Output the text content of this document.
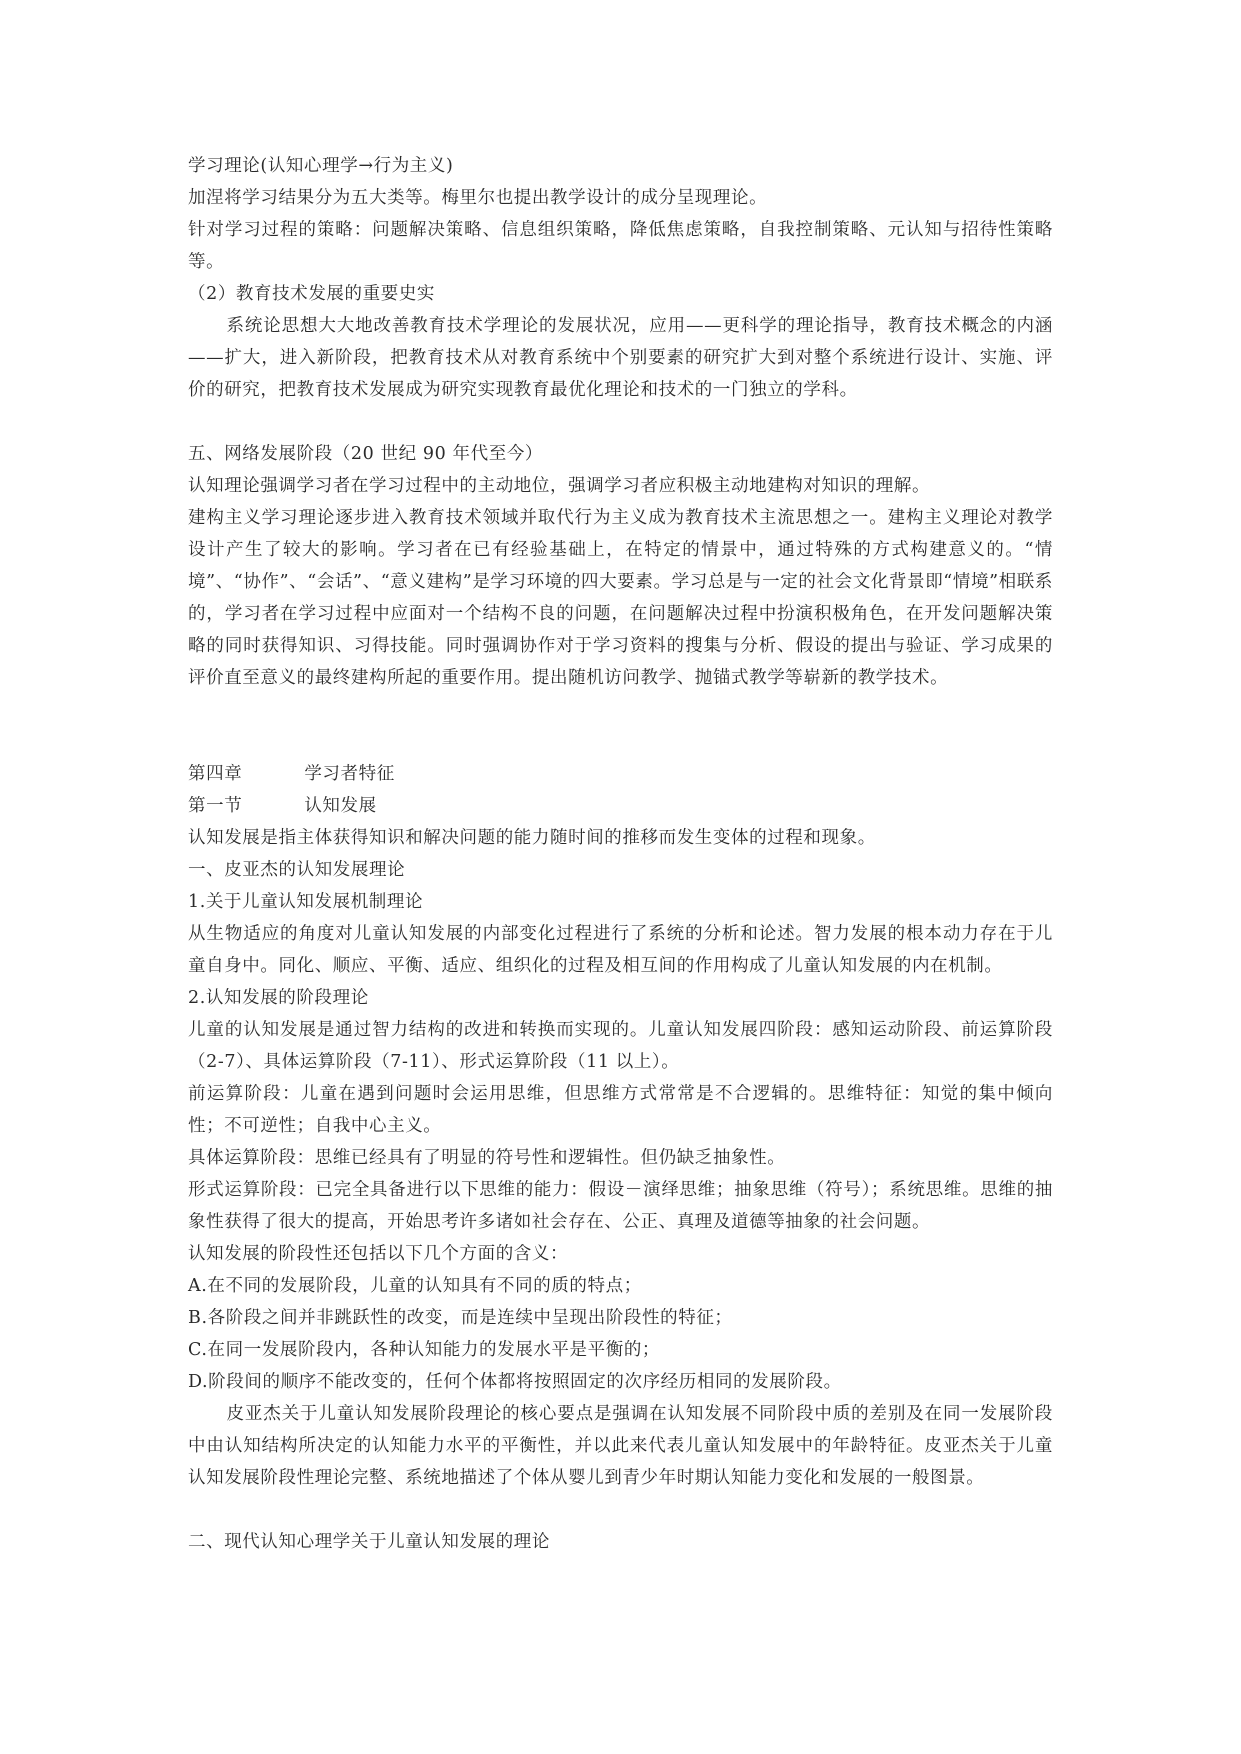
学习理论(认知心理学→行为主义)

加涅将学习结果分为五大类等。梅里尔也提出教学设计的成分呈现理论。

针对学习过程的策略：问题解决策略、信息组织策略，降低焦虑策略，自我控制策略、元认知与招待性策略等。

（2）教育技术发展的重要史实

系统论思想大大地改善教育技术学理论的发展状况，应用——更科学的理论指导，教育技术概念的内涵——扩大，进入新阶段，把教育技术从对教育系统中个别要素的研究扩大到对整个系统进行设计、实施、评价的研究，把教育技术发展成为研究实现教育最优化理论和技术的一门独立的学科。

五、网络发展阶段（20 世纪 90 年代至今）

认知理论强调学习者在学习过程中的主动地位，强调学习者应积极主动地建构对知识的理解。

建构主义学习理论逐步进入教育技术领域并取代行为主义成为教育技术主流思想之一。建构主义理论对教学设计产生了较大的影响。学习者在已有经验基础上，在特定的情景中，通过特殊的方式构建意义的。“情境”、“协作”、“会话”、“意义建构”是学习环境的四大要素。学习总是与一定的社会文化背景即“情境”相联系的，学习者在学习过程中应面对一个结构不良的问题，在问题解决过程中扮演积极角色，在开发问题解决策略的同时获得知识、习得技能。同时强调协作对于学习资料的搜集与分析、假设的提出与验证、学习成果的评价直至意义的最终建构所起的重要作用。提出随机访问教学、抛锚式教学等崭新的教学技术。

第四章	学习者特征

第一节	认知发展

认知发展是指主体获得知识和解决问题的能力随时间的推移而发生变体的过程和现象。

一、皮亚杰的认知发展理论

1.关于儿童认知发展机制理论

从生物适应的角度对儿童认知发展的内部变化过程进行了系统的分析和论述。智力发展的根本动力存在于儿童自身中。同化、顺应、平衡、适应、组织化的过程及相互间的作用构成了儿童认知发展的内在机制。

2.认知发展的阶段理论

儿童的认知发展是通过智力结构的改进和转换而实现的。儿童认知发展四阶段：感知运动阶段、前运算阶段（2-7）、具体运算阶段（7-11）、形式运算阶段（11 以上）。

前运算阶段：儿童在遇到问题时会运用思维，但思维方式常常是不合逻辑的。思维特征：知觉的集中倾向性；不可逆性；自我中心主义。

具体运算阶段：思维已经具有了明显的符号性和逻辑性。但仍缺乏抽象性。

形式运算阶段：已完全具备进行以下思维的能力：假设－演绎思维；抽象思维（符号）；系统思维。思维的抽象性获得了很大的提高，开始思考许多诸如社会存在、公正、真理及道德等抽象的社会问题。

认知发展的阶段性还包括以下几个方面的含义：

A.在不同的发展阶段，儿童的认知具有不同的质的特点；

B.各阶段之间并非跳跃性的改变，而是连续中呈现出阶段性的特征；

C.在同一发展阶段内，各种认知能力的发展水平是平衡的；

D.阶段间的顺序不能改变的，任何个体都将按照固定的次序经历相同的发展阶段。

皮亚杰关于儿童认知发展阶段理论的核心要点是强调在认知发展不同阶段中质的差别及在同一发展阶段中由认知结构所决定的认知能力水平的平衡性，并以此来代表儿童认知发展中的年龄特征。皮亚杰关于儿童认知发展阶段性理论完整、系统地描述了个体从婴儿到青少年时期认知能力变化和发展的一般图景。

二、现代认知心理学关于儿童认知发展的理论
